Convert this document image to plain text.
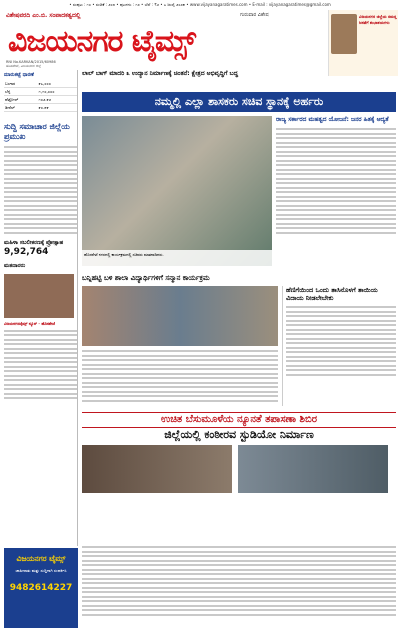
• ಸಂಪುಟ : ೧೦ • ಸಂಚಿಕೆ : ೨೦೮ • ಪುಟಗಳು : ೧೨ • ಬೆಲೆ : ₹೨ • ೭ ಜುಲೈ ೨೦೨೫ • www.vijayanagaratimes.com • E-mail : vijayanagaratimes@gmail.com
ವಿಶೇಷವರದಿ ಎಂ.ಬಿ. ಸಂಪಾದಕತ್ವದಲ್ಲಿ	ಗುರುವಾರ ವಿಶೇಷ
ವಿಜಯನಗರ ಟೈಮ್ಸ್
RNI No.KARKAN/2015/60986
ಹೊಸಪೇಟೆ, ವಿಜಯನಗರ ಜಿಲ್ಲೆ
ವಿಜಯನಗರ ಜಿಲ್ಲೆಯ ಸಮಸ್ತ ಜನತೆಗೆ ಶುಭಾಶಯಗಳು
ಮಾರುಕಟ್ಟೆ ಧಾರಣೆ
ಬಂಗಾರ	೯೭,೦೦೦
ಬೆಳ್ಳಿ	೧,೧೦,೦೦೦
ಪೆಟ್ರೋಲ್	೧೦೨.೯೨
ಡೀಸೆಲ್	೯೦.೯೯
ಸುದ್ದಿ ಸಮಾಚಾರ ಜಿಲ್ಲೆಯ ಪ್ರಮುಖ
ಮಹಿಳಾ ಸಬಲೀಕರಣಕ್ಕೆ ಪ್ರೋತ್ಸಾಹ
9,92,764
ಮತದಾರರು
ವಿಜಯನಗರಟೈಮ್ಸ್ ನ್ಯೂಸ್ - ಹೊಸಪೇಟೆ
ಲಾಲ್ ಬಾಗ್ ಮಾದರಿ ೩ ಉದ್ಯಾನ ನಿರ್ಮಾಣಕ್ಕೆ ಚಿಂತನೆ: ಕ್ಷೇತ್ರದ ಅಭಿವೃದ್ಧಿಗೆ ಬದ್ಧ
ನಮ್ಮಲ್ಲಿ ಎಲ್ಲಾ ಶಾಸಕರು ಸಚಿವ ಸ್ಥಾನಕ್ಕೆ ಅರ್ಹರು
ಹೊಸಪೇಟೆ ನಗರದಲ್ಲಿ ಕಾರ್ಯಕ್ರಮದಲ್ಲಿ ಸಚಿವರು ಮಾತನಾಡಿದರು.
ರಾಜ್ಯ ಸರ್ಕಾರದ ಮಹತ್ವದ ಯೋಜನೆ: ಜನರ ಹಿತಕ್ಕೆ ಆದ್ಯತೆ
ಬನ್ನಿಹಟ್ಟಿ ಬಳಿ ಶಾಲಾ ವಿದ್ಯಾರ್ಥಿಗಳಿಗೆ ಸನ್ಮಾನ ಕಾರ್ಯಕ್ರಮ
ಹೆಣಿಗೆಯಿಂದ ಒಂದು ತಾಸಿನೊಳಗೆ ತಾಯಿಯ ವಿದಾಯ ನೀಡಲೇಬೇಕು
ಉಚಿತ ಬೆಸುಮೂಳೆಯ ನ್ಯೂನತೆ ತಪಾಸಣಾ ಶಿಬಿರ
ಜಿಲ್ಲೆಯಲ್ಲಿ ಕಂಠೀರವ ಸ್ಟುಡಿಯೋ ನಿರ್ಮಾಣ
ವಿಜಯನಗರ ಟೈಮ್ಸ್
ಜಾಹೀರಾತು ಮತ್ತು ಸುದ್ದಿಗಾಗಿ ಸಂಪರ್ಕಿಸಿ
9482614227
